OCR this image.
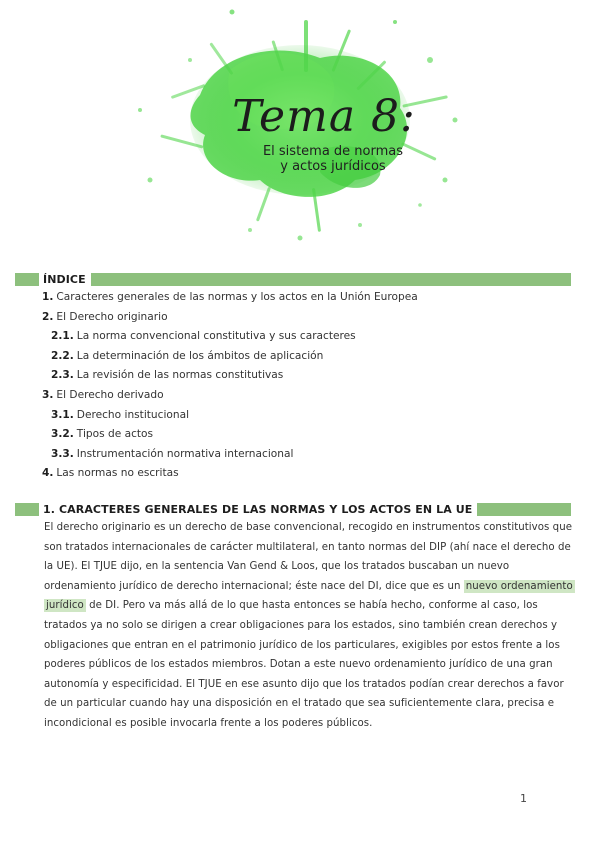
Tema 8:
El sistema de normas
y actos jurídicos
ÍNDICE
1. Caracteres generales de las normas y los actos en la Unión Europea
2. El Derecho originario
2.1. La norma convencional constitutiva y sus caracteres
2.2. La determinación de los ámbitos de aplicación
2.3. La revisión de las normas constitutivas
3. El Derecho derivado
3.1. Derecho institucional
3.2. Tipos de actos
3.3. Instrumentación normativa internacional
4. Las normas no escritas
1. CARACTERES GENERALES DE LAS NORMAS Y LOS ACTOS EN LA UE
El derecho originario es un derecho de base convencional, recogido en instrumentos constitutivos que
son tratados internacionales de carácter multilateral, en tanto normas del DIP (ahí nace el derecho de
la UE). El TJUE dijo, en la sentencia Van Gend & Loos, que los tratados buscaban un nuevo
ordenamiento jurídico de derecho internacional; éste nace del DI, dice que es un nuevo ordenamiento
jurídico de DI. Pero va más allá de lo que hasta entonces se había hecho, conforme al caso, los
tratados ya no solo se dirigen a crear obligaciones para los estados, sino también crean derechos y
obligaciones que entran en el patrimonio jurídico de los particulares, exigibles por estos frente a los
poderes públicos de los estados miembros. Dotan a este nuevo ordenamiento jurídico de una gran
autonomía y especificidad. El TJUE en ese asunto dijo que los tratados podían crear derechos a favor
de un particular cuando hay una disposición en el tratado que sea suficientemente clara, precisa e
incondicional es posible invocarla frente a los poderes públicos.
1
